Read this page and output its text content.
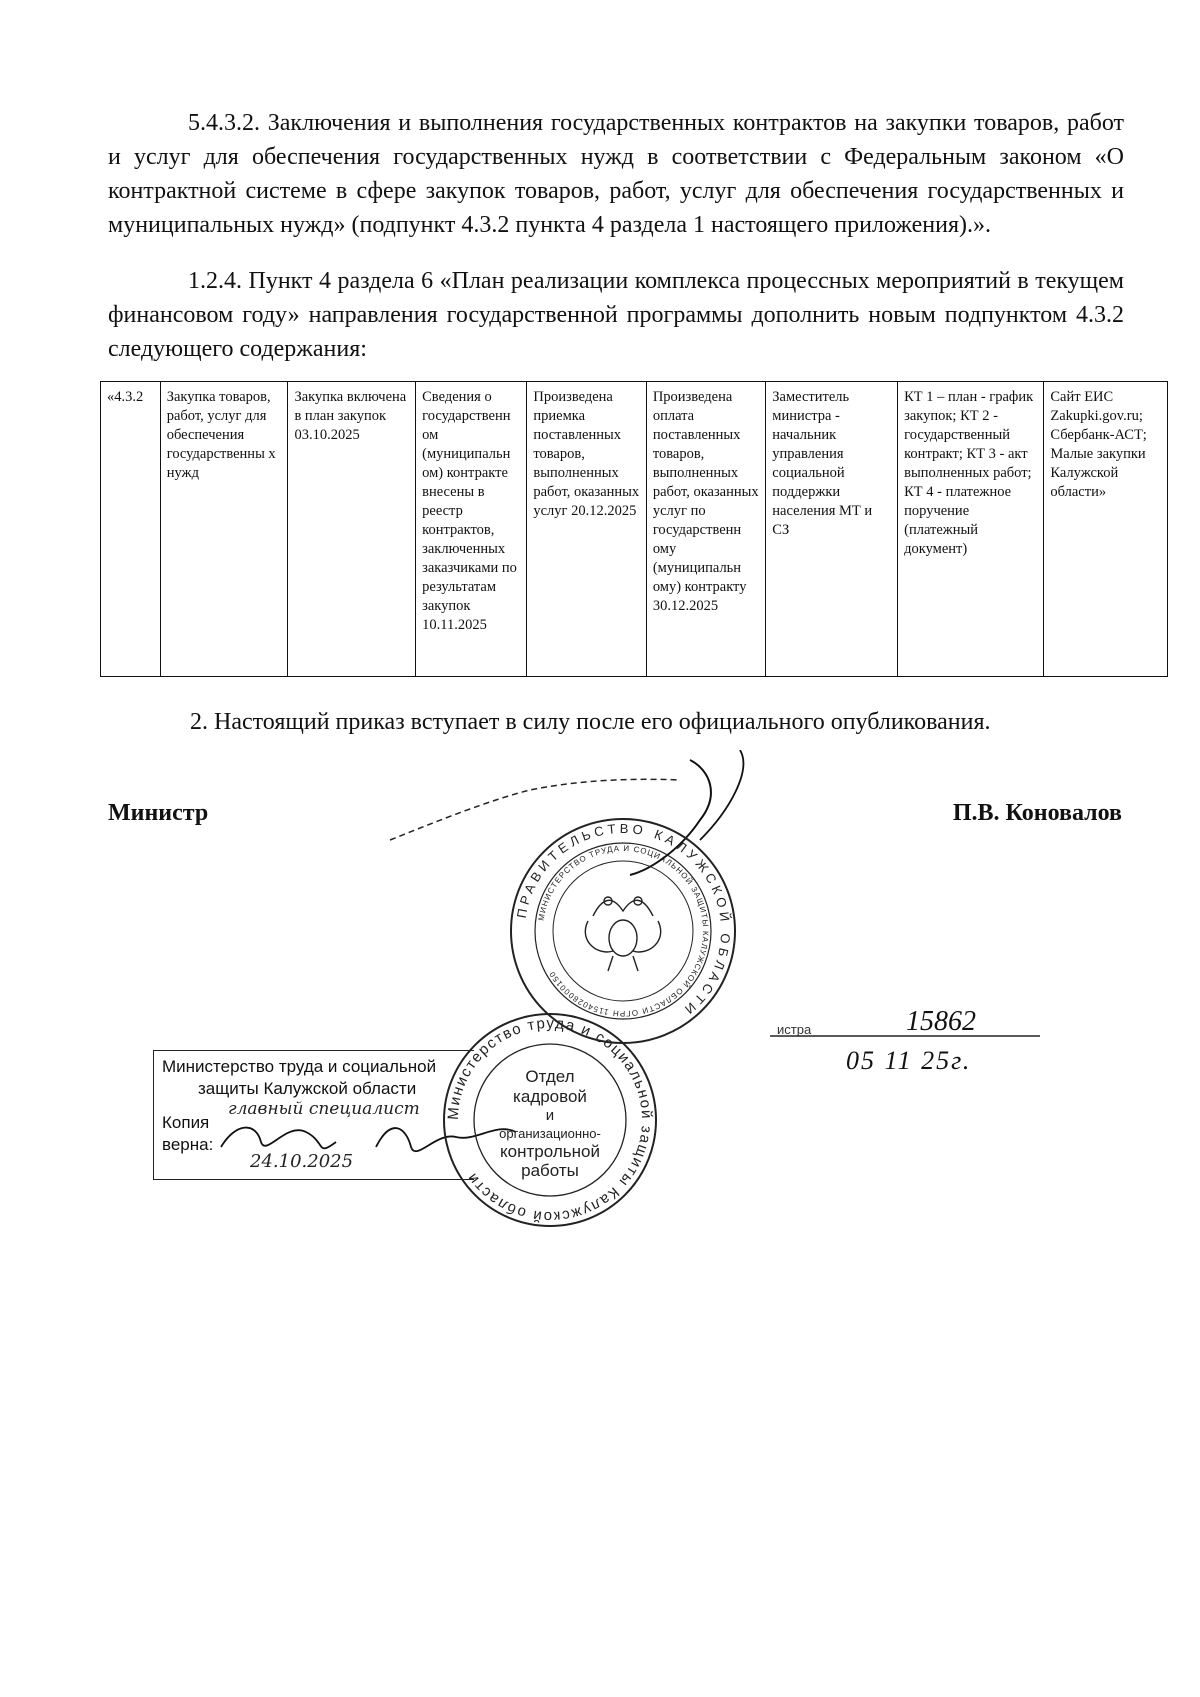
5.4.3.2. Заключения и выполнения государственных контрактов на закупки товаров, работ и услуг для обеспечения государственных нужд в соответствии с Федеральным законом «О контрактной системе в сфере закупок товаров, работ, услуг для обеспечения государственных и муниципальных нужд» (подпункт 4.3.2 пункта 4 раздела 1 настоящего приложения).».
1.2.4. Пункт 4 раздела 6 «План реализации комплекса процессных мероприятий в текущем финансовом году» направления государственной программы дополнить новым подпунктом 4.3.2 следующего содержания:
«4.3.2	Закупка товаров, работ, услуг для обеспечения государственны х нужд	Закупка включена в план закупок 03.10.2025	Сведения о государственн ом (муниципальн ом) контракте внесены в реестр контрактов, заключенных заказчиками по результатам закупок 10.11.2025	Произведена приемка поставленных товаров, выполненных работ, оказанных услуг 20.12.2025	Произведена оплата поставленных товаров, выполненных работ, оказанных услуг по государственн ому (муниципальн ому) контракту 30.12.2025	Заместитель министра - начальник управления социальной поддержки населения МТ и СЗ	КТ 1 – план - график закупок; КТ 2 - государственный контракт; КТ 3 - акт выполненных работ; КТ 4 - платежное поручение (платежный документ)	Сайт ЕИС Zakupki.gov.ru; Сбербанк-АСТ; Малые закупки Калужской области»
2. Настоящий приказ вступает в силу после его официального опубликования.
Министр	П.В. Коновалов
ПРАВИТЕЛЬСТВО КАЛУЖСКОЙ ОБЛАСТИ
МИНИСТЕРСТВО ТРУДА И СОЦИАЛЬНОЙ ЗАЩИТЫ КАЛУЖСКОЙ ОБЛАСТИ ОГРН 1154028000150
истра	15862
05 11 25г.
Министерство труда и социальной
защиты Калужской области
Копия
верна:
главный специалист
24.10.2025
Министерство труда и социальной защиты Калужской области
Отдел
кадровой
и
организационно-
контрольной
работы
